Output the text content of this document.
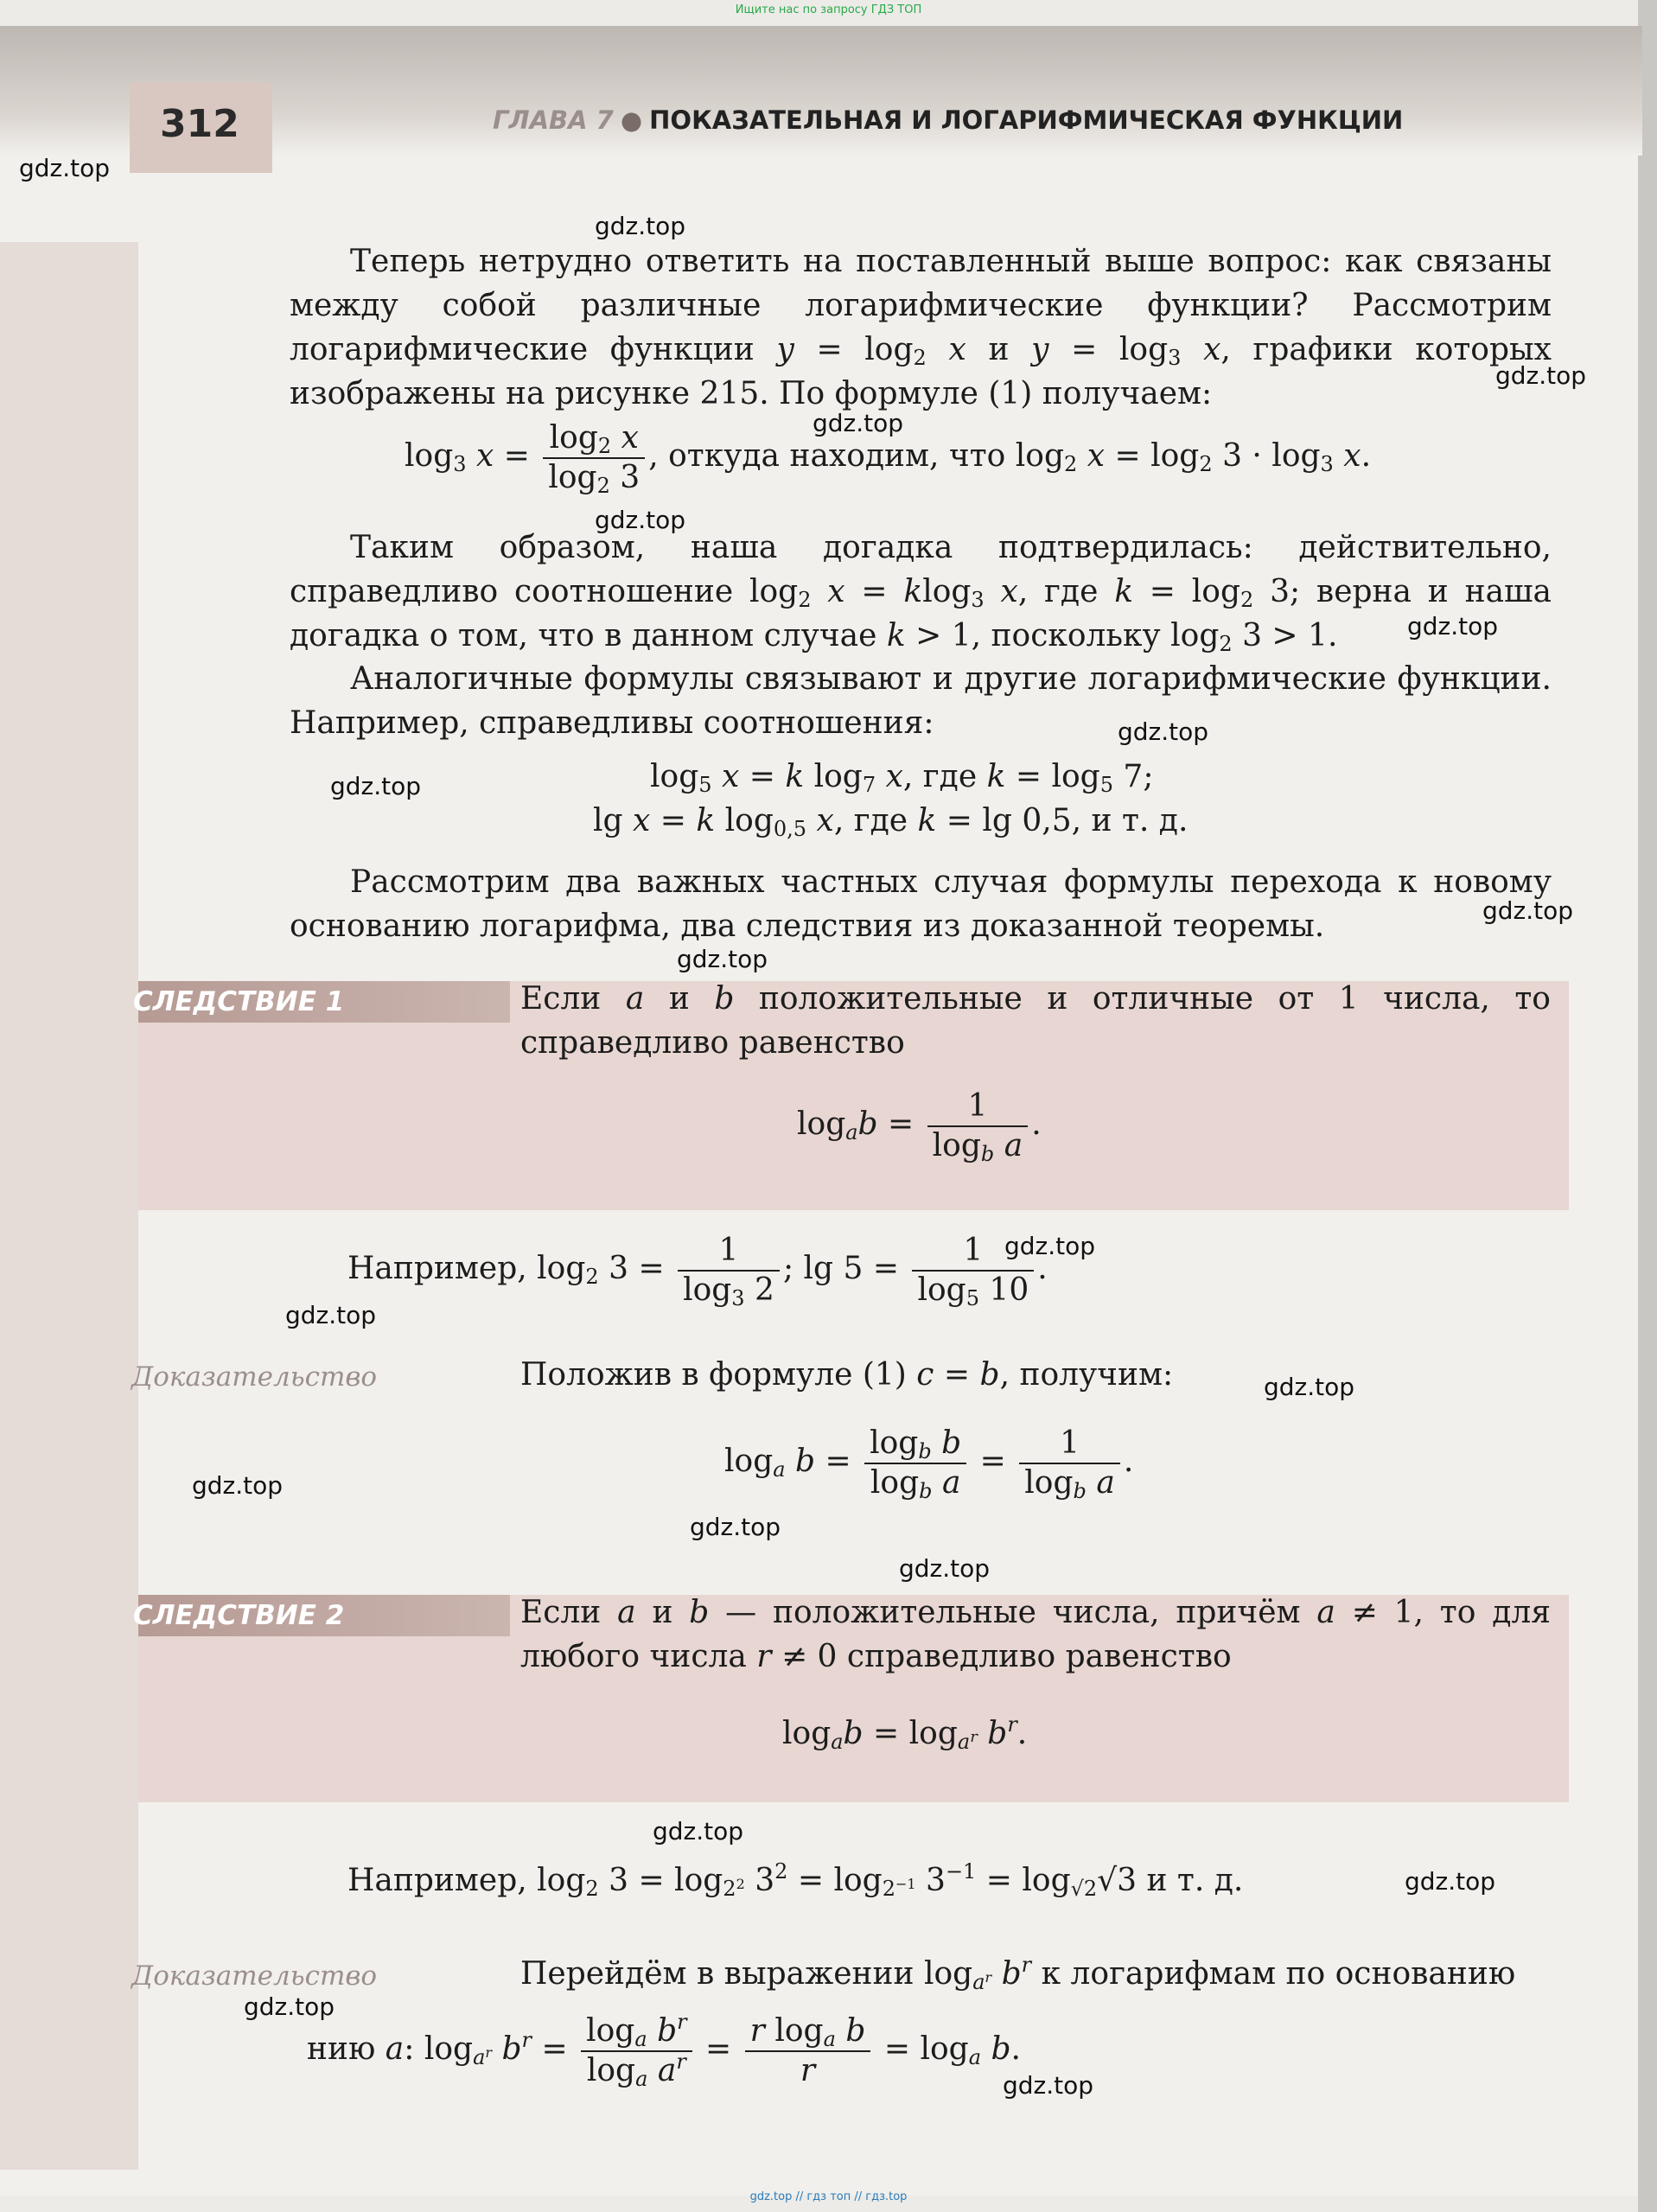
Ищите нас по запросу ГДЗ ТОП
312	ГЛАВА 7 ● ПОКАЗАТЕЛЬНАЯ И ЛОГАРИФМИЧЕСКАЯ ФУНКЦИИ
Теперь нетрудно ответить на поставленный выше вопрос: как связаны между собой различные логарифмические функции? Рассмотрим логарифмические функции $y = \log_2 x$ и $y = \log_3 x$, графики которых изображены на рисунке 215. По формуле (1) получаем:
$\log_3 x = \frac{\log_2 x}{\log_2 3}$ , откуда находим, что $\log_2 x = \log_2 3 \cdot \log_3 x$.
Таким образом, наша догадка подтвердилась: действительно, справедливо соотношение $\log_2 x = klog_3$ x, где $k = \log_2 3$; верна и наша догадка о том, что в данном случае k > 1, поскольку $\log_2 3 > 1$.
Аналогичные формулы связывают и другие логарифмические функции. Например, справедливы соотношения:
$\log_5 x = k$ $\log_7 x$, где $k = \log_5 7$;
lg x = k $\log_{0,5} x$, где k = lg 0,5, и т. д.
Рассмотрим два важных частных случая формулы перехода к новому основанию логарифма, два следствия из доказанной теоремы.
СЛЕДСТВИЕ 1	Если a и b положительные и отличные от 1 числа, то справедливо равенство
$\log_ab = \frac{1}{\log_b a}$ .
Например, $\log_2 3 = \frac{1}{\log_3 2}$ ; $\lg 5 = \frac{1}{\log_5 10}$ .
Доказательство	Положив в формуле (1) c = b, получим:
$\log_a b = \frac{\log_b b}{\log_b a} = \frac{1}{\log_b a}$ .
СЛЕДСТВИЕ 2	Если a и b — положительные числа, причём a ≠ 1, то для любого числа r ≠ 0 справедливо равенство
$\log_ab = \log_{a^r} b^r$.
Например, $\log_2 3 = \log_{2^2} 3^2 = \log_{2^{-1}} 3^{-1} = \log_{√2}√3$ и т. д.
Доказательство	Перейдём в выражении $\log_{a^r} b^r$ к логарифмам по основанию
нию a: $\log_{a^r} b^r = \frac{\log_a b^r}{\log_a a^r} = \frac{r \log_a b}{r} = \log_a b$.
gdz.top
gdz.top
gdz.top
gdz.top
gdz.top
gdz.top
gdz.top
gdz.top
gdz.top
gdz.top
gdz.top
gdz.top
gdz.top
gdz.top
gdz.top
gdz.top
gdz.top
gdz.top
gdz.top
gdz.top
gdz.top // гдз топ // гдз.top
